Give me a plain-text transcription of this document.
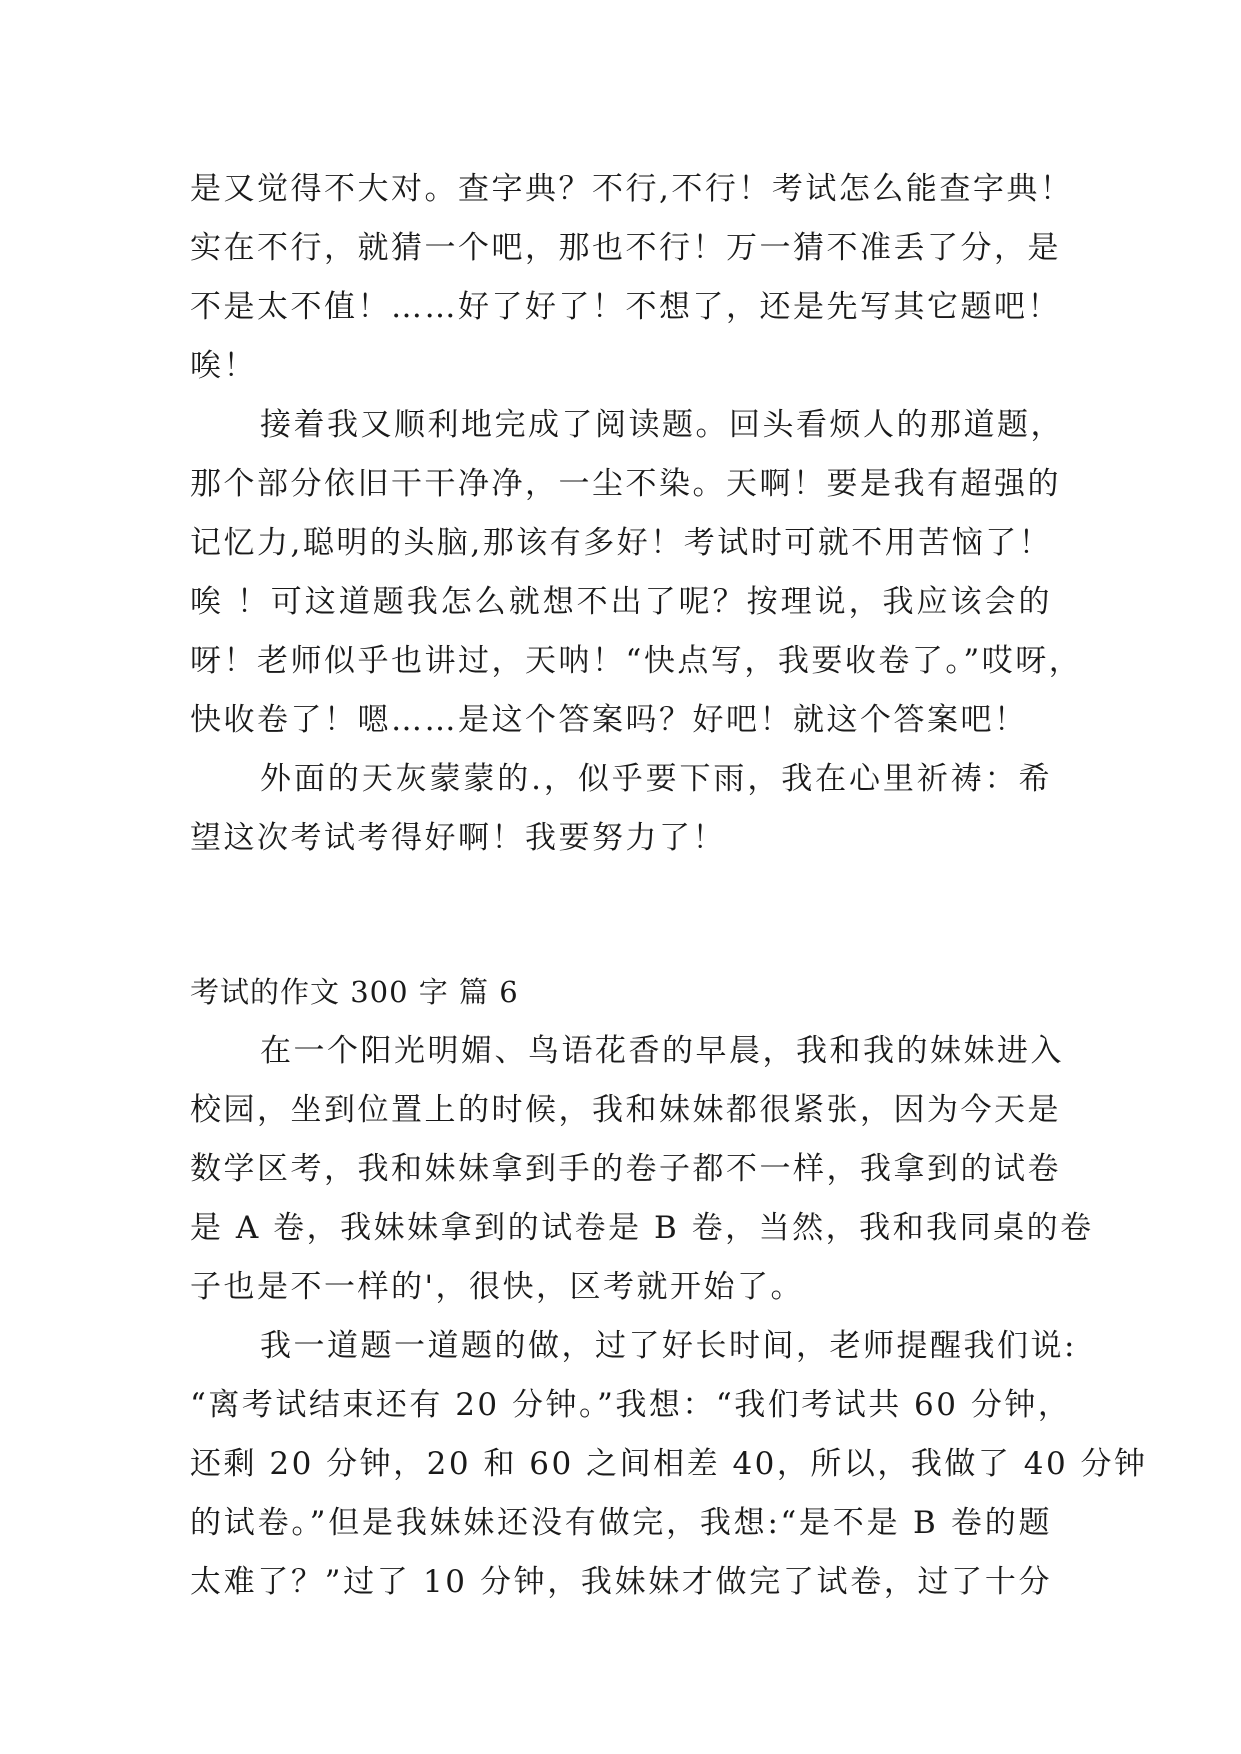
是又觉得不大对。查字典？不行,不行！考试怎么能查字典！
实在不行，就猜一个吧，那也不行！万一猜不准丢了分，是
不是太不值！……好了好了！不想了，还是先写其它题吧！
唉！
接着我又顺利地完成了阅读题。回头看烦人的那道题，
那个部分依旧干干净净，一尘不染。天啊！要是我有超强的
记忆力,聪明的头脑,那该有多好！考试时可就不用苦恼了！
唉 ！可这道题我怎么就想不出了呢？按理说，我应该会的
呀！老师似乎也讲过，天呐！“快点写，我要收卷了。”哎呀，
快收卷了！嗯……是这个答案吗？好吧！就这个答案吧！
外面的天灰蒙蒙的.，似乎要下雨，我在心里祈祷：希
望这次考试考得好啊！我要努力了！
考试的作文 300 字 篇 6
在一个阳光明媚、鸟语花香的早晨，我和我的妹妹进入
校园，坐到位置上的时候，我和妹妹都很紧张，因为今天是
数学区考，我和妹妹拿到手的卷子都不一样，我拿到的试卷
是 A 卷，我妹妹拿到的试卷是 B 卷，当然，我和我同桌的卷
子也是不一样的'，很快，区考就开始了。
我一道题一道题的做，过了好长时间，老师提醒我们说:
“离考试结束还有 20 分钟。”我想：“我们考试共 60 分钟，
还剩 20 分钟，20 和 60 之间相差 40，所以，我做了 40 分钟
的试卷。”但是我妹妹还没有做完，我想:“是不是 B 卷的题
太难了？”过了 10 分钟，我妹妹才做完了试卷，过了十分
